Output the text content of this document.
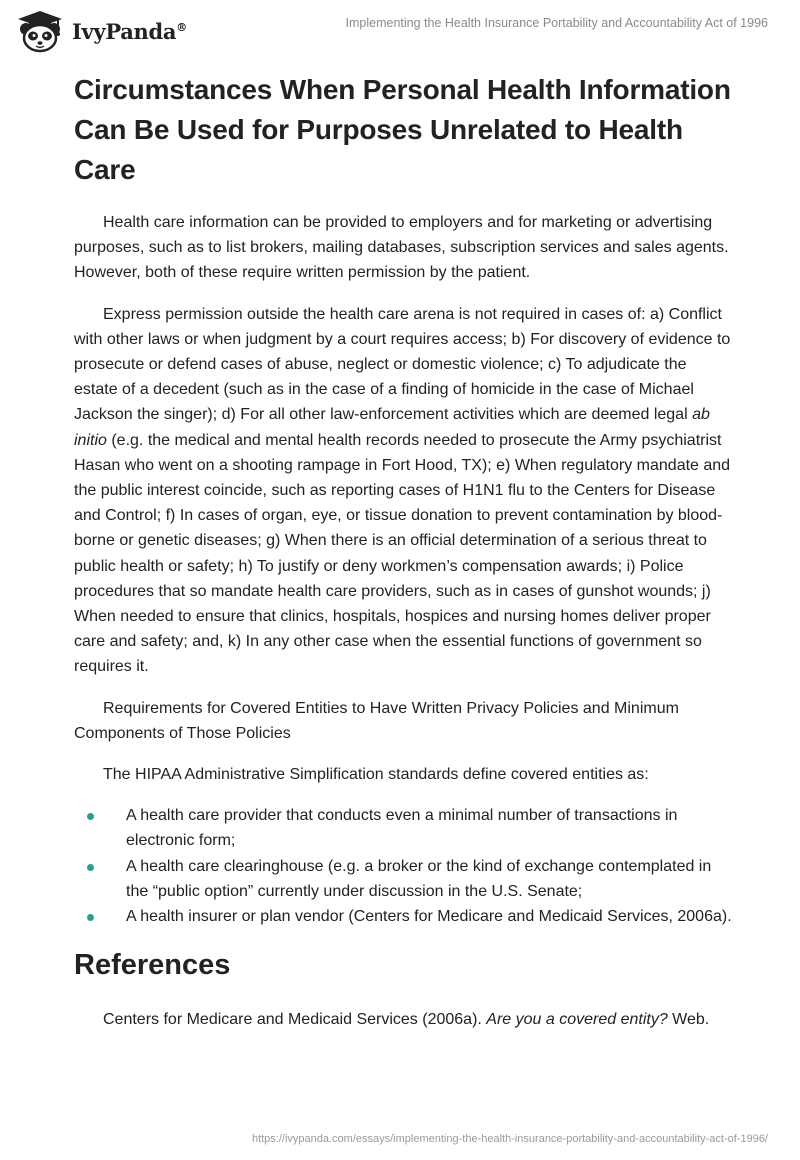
IvyPanda®	Implementing the Health Insurance Portability and Accountability Act of 1996
Circumstances When Personal Health Information Can Be Used for Purposes Unrelated to Health Care

Health care information can be provided to employers and for marketing or advertising purposes, such as to list brokers, mailing databases, subscription services and sales agents. However, both of these require written permission by the patient.

Express permission outside the health care arena is not required in cases of: a) Conflict with other laws or when judgment by a court requires access; b) For discovery of evidence to prosecute or defend cases of abuse, neglect or domestic violence; c) To adjudicate the estate of a decedent (such as in the case of a finding of homicide in the case of Michael Jackson the singer); d) For all other law-enforcement activities which are deemed legal ab initio (e.g. the medical and mental health records needed to prosecute the Army psychiatrist Hasan who went on a shooting rampage in Fort Hood, TX); e) When regulatory mandate and the public interest coincide, such as reporting cases of H1N1 flu to the Centers for Disease and Control; f) In cases of organ, eye, or tissue donation to prevent contamination by blood-borne or genetic diseases; g) When there is an official determination of a serious threat to public health or safety; h) To justify or deny workmen’s compensation awards; i) Police procedures that so mandate health care providers, such as in cases of gunshot wounds; j) When needed to ensure that clinics, hospitals, hospices and nursing homes deliver proper care and safety; and, k) In any other case when the essential functions of government so requires it.

Requirements for Covered Entities to Have Written Privacy Policies and Minimum Components of Those Policies

The HIPAA Administrative Simplification standards define covered entities as:

A health care provider that conducts even a minimal number of transactions in electronic form;
A health care clearinghouse (e.g. a broker or the kind of exchange contemplated in the “public option” currently under discussion in the U.S. Senate;
A health insurer or plan vendor (Centers for Medicare and Medicaid Services, 2006a).
References

Centers for Medicare and Medicaid Services (2006a). Are you a covered entity? Web.

https://ivypanda.com/essays/implementing-the-health-insurance-portability-and-accountability-act-of-1996/
